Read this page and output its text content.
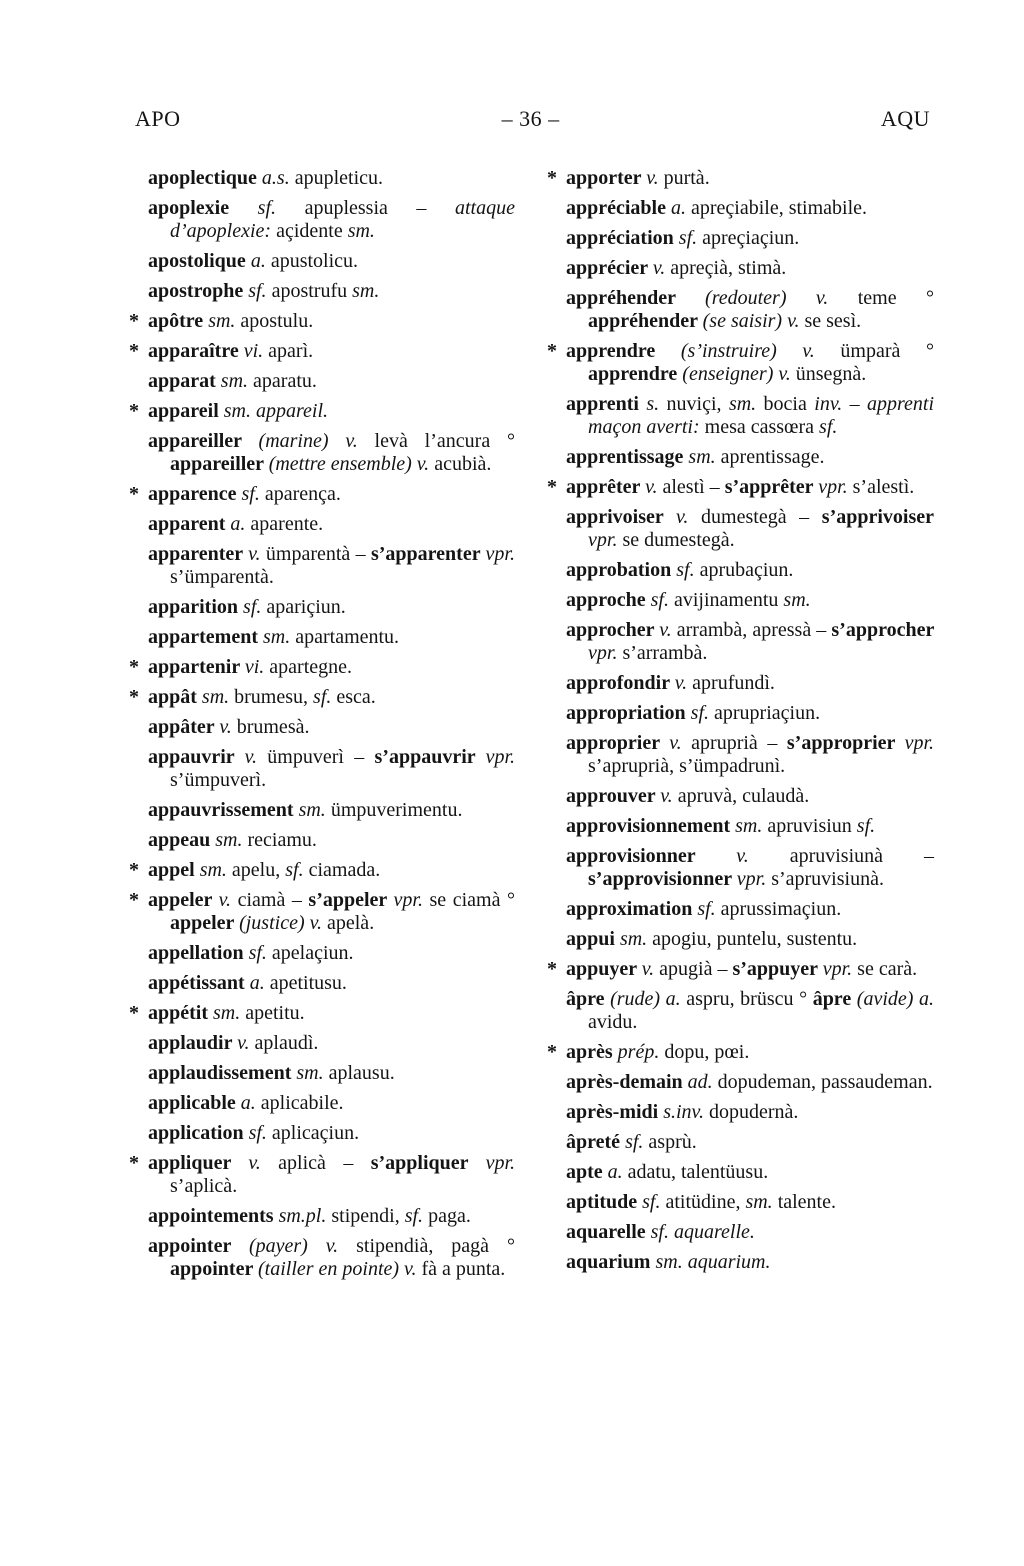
APO	– 36 –	AQU
apoplectique a.s. apupleticu.
apoplexie sf. apuplessia – attaque d’apoplexie: açidente sm.
apostolique a. apustolicu.
apostrophe sf. apostrufu sm.
* apôtre sm. apostulu.
* apparaître vi. aparì.
apparat sm. aparatu.
* appareil sm. appareil.
appareiller (marine) v. levà l’ancura ° appareiller (mettre ensemble) v. acubià.
* apparence sf. aparença.
apparent a. aparente.
apparenter v. ümparentà – s’apparenter vpr. s’ümparentà.
apparition sf. apariçiun.
appartement sm. apartamentu.
* appartenir vi. apartegne.
* appât sm. brumesu, sf. esca.
appâter v. brumesà.
appauvrir v. ümpuverì – s’appauvrir vpr. s’ümpuverì.
appauvrissement sm. ümpuverimentu.
appeau sm. reciamu.
* appel sm. apelu, sf. ciamada.
* appeler v. ciamà – s’appeler vpr. se ciamà ° appeler (justice) v. apelà.
appellation sf. apelaçiun.
appétissant a. apetitusu.
* appétit sm. apetitu.
applaudir v. aplaudì.
applaudissement sm. aplausu.
applicable a. aplicabile.
application sf. aplicaçiun.
* appliquer v. aplicà – s’appliquer vpr. s’aplicà.
appointements sm.pl. stipendi, sf. paga.
appointer (payer) v. stipendià, pagà ° appointer (tailler en pointe) v. fà a punta.
* apporter v. purtà.
appréciable a. apreçiabile, stimabile.
appréciation sf. apreçiaçiun.
apprécier v. apreçià, stimà.
appréhender (redouter) v. teme ° appréhender (se saisir) v. se sesì.
* apprendre (s’instruire) v. ümparà ° apprendre (enseigner) v. ünsegnà.
apprenti s. nuviçi, sm. bocia inv. – apprenti maçon averti: mesa cassœra sf.
apprentissage sm. aprentissage.
* apprêter v. alestì – s’apprêter vpr. s’alestì.
apprivoiser v. dumestegà – s’apprivoiser vpr. se dumestegà.
approbation sf. aprubaçiun.
approche sf. avijinamentu sm.
approcher v. arrambà, apressà – s’approcher vpr. s’arrambà.
approfondir v. aprufundì.
appropriation sf. aprupriaçiun.
approprier v. apruprià – s’approprier vpr. s’apruprià, s’ümpadrunì.
approuver v. apruvà, culaudà.
approvisionnement sm. apruvisiun sf.
approvisionner v. apruvisiunà – s’approvisionner vpr. s’apruvisiunà.
approximation sf. aprussimaçiun.
appui sm. apogiu, puntelu, sustentu.
* appuyer v. apugià – s’appuyer vpr. se carà.
âpre (rude) a. aspru, brüscu ° âpre (avide) a. avidu.
* après prép. dopu, pœi.
après-demain ad. dopudeman, passaudeman.
après-midi s.inv. dopudernà.
âpreté sf. asprù.
apte a. adatu, talentüusu.
aptitude sf. atitüdine, sm. talente.
aquarelle sf. aquarelle.
aquarium sm. aquarium.
